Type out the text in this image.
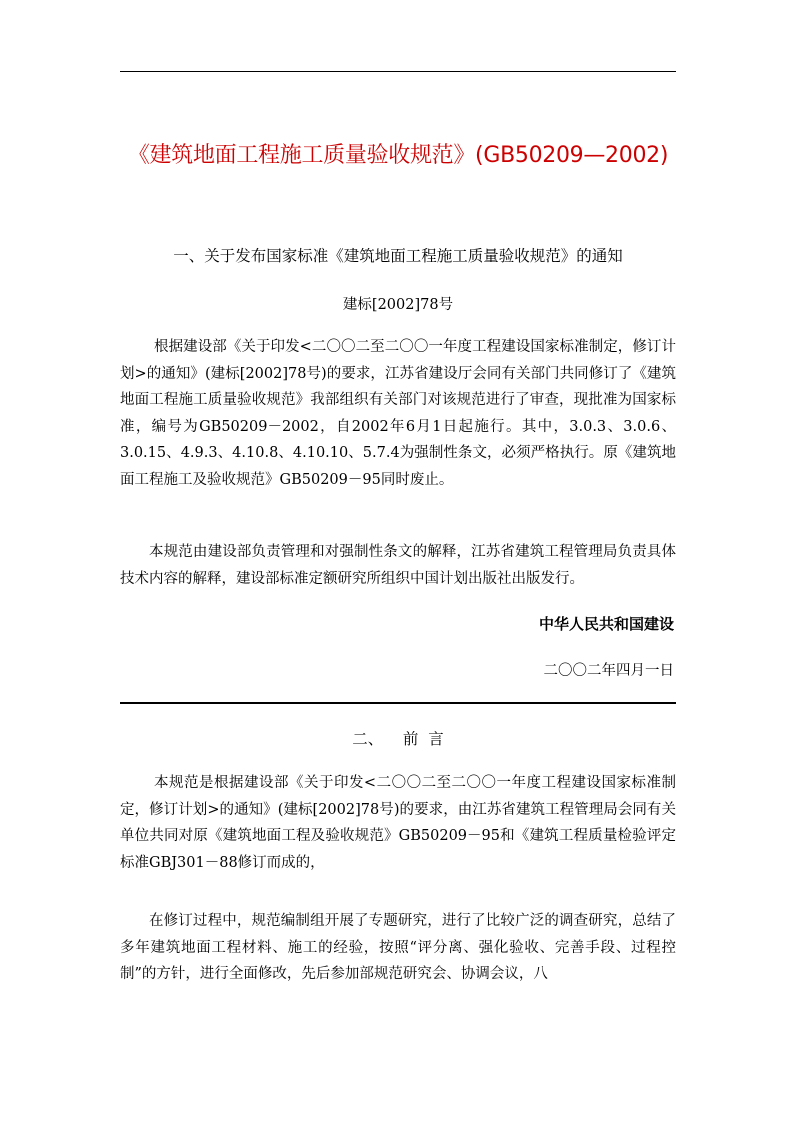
《建筑地面工程施工质量验收规范》(GB50209—2002)
一、关于发布国家标准《建筑地面工程施工质量验收规范》的通知
建标[2002]78号
根据建设部《关于印发<二〇〇二至二〇〇一年度工程建设国家标准制定，修订计划>的通知》(建标[2002]78号)的要求，江苏省建设厅会同有关部门共同修订了《建筑地面工程施工质量验收规范》我部组织有关部门对该规范进行了审查，现批准为国家标准，编号为GB50209－2002，自2002年6月1日起施行。其中，3.0.3、3.0.6、3.0.15、4.9.3、4.10.8、4.10.10、5.7.4为强制性条文，必须严格执行。原《建筑地面工程施工及验收规范》GB50209－95同时废止。
本规范由建设部负责管理和对强制性条文的解释，江苏省建筑工程管理局负责具体技术内容的解释，建设部标准定额研究所组织中国计划出版社出版发行。
中华人民共和国建设
二〇〇二年四月一日
二、    前  言
本规范是根据建设部《关于印发<二〇〇二至二〇〇一年度工程建设国家标准制定，修订计划>的通知》(建标[2002]78号)的要求，由江苏省建筑工程管理局会同有关单位共同对原《建筑地面工程及验收规范》GB50209－95和《建筑工程质量检验评定标准GBJ301－88修订而成的，
在修订过程中，规范编制组开展了专题研究，进行了比较广泛的调查研究，总结了多年建筑地面工程材料、施工的经验，按照“评分离、强化验收、完善手段、过程控制”的方针，进行全面修改，先后参加部规范研究会、协调会议，八
